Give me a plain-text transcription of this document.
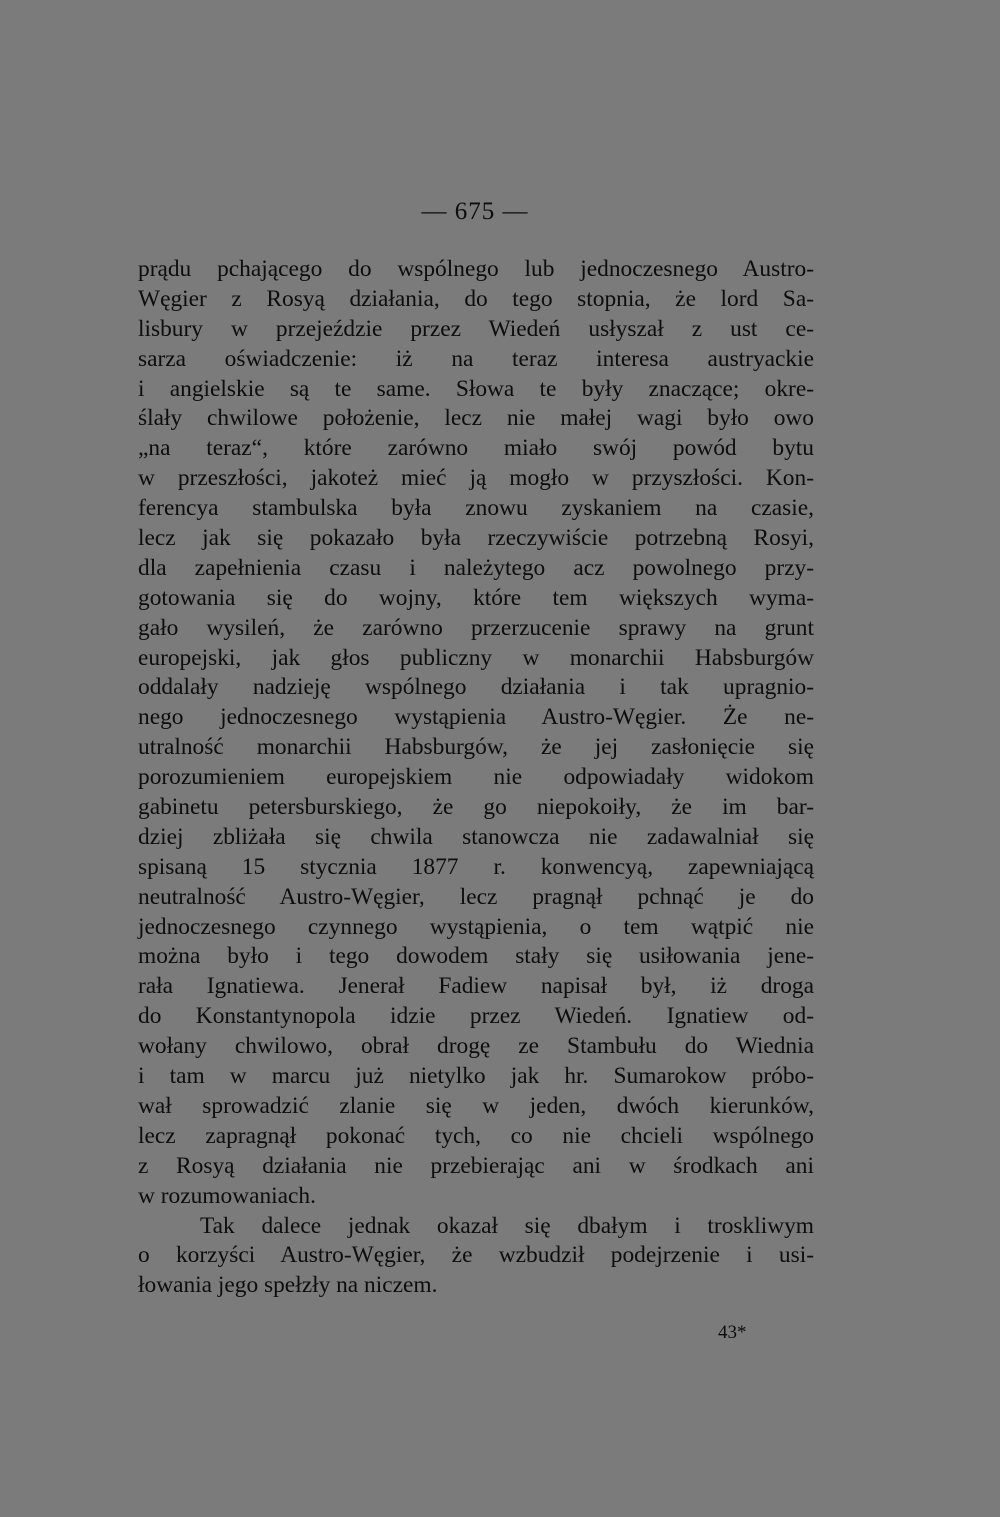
— 675 —
prądu pchającego do wspólnego lub jednoczesnego Austro-
Węgier z Rosyą działania, do tego stopnia, że lord Sa-
lisbury w przejeździe przez Wiedeń usłyszał z ust ce-
sarza oświadczenie: iż na teraz interesa austryackie
i angielskie są te same. Słowa te były znaczące; okre-
ślały chwilowe położenie, lecz nie małej wagi było owo
„na teraz“, które zarówno miało swój powód bytu
w przeszłości, jakoteż mieć ją mogło w przyszłości. Kon-
ferencya stambulska była znowu zyskaniem na czasie,
lecz jak się pokazało była rzeczywiście potrzebną Rosyi,
dla zapełnienia czasu i należytego acz powolnego przy-
gotowania się do wojny, które tem większych wyma-
gało wysileń, że zarówno przerzucenie sprawy na grunt
europejski, jak głos publiczny w monarchii Habsburgów
oddalały nadzieję wspólnego działania i tak upragnio-
nego jednoczesnego wystąpienia Austro-Węgier. Że ne-
utralność monarchii Habsburgów, że jej zasłonięcie się
porozumieniem europejskiem nie odpowiadały widokom
gabinetu petersburskiego, że go niepokoiły, że im bar-
dziej zbliżała się chwila stanowcza nie zadawalniał się
spisaną 15 stycznia 1877 r. konwencyą, zapewniającą
neutralność Austro-Węgier, lecz pragnął pchnąć je do
jednoczesnego czynnego wystąpienia, o tem wątpić nie
można było i tego dowodem stały się usiłowania jene-
rała Ignatiewa. Jenerał Fadiew napisał był, iż droga
do Konstantynopola idzie przez Wiedeń. Ignatiew od-
wołany chwilowo, obrał drogę ze Stambułu do Wiednia
i tam w marcu już nietylko jak hr. Sumarokow próbo-
wał sprowadzić zlanie się w jeden, dwóch kierunków,
lecz zapragnął pokonać tych, co nie chcieli wspólnego
z Rosyą działania nie przebierając ani w środkach ani
w rozumowaniach.
Tak dalece jednak okazał się dbałym i troskliwym
o korzyści Austro-Węgier, że wzbudził podejrzenie i usi-
łowania jego spełzły na niczem.
43*
